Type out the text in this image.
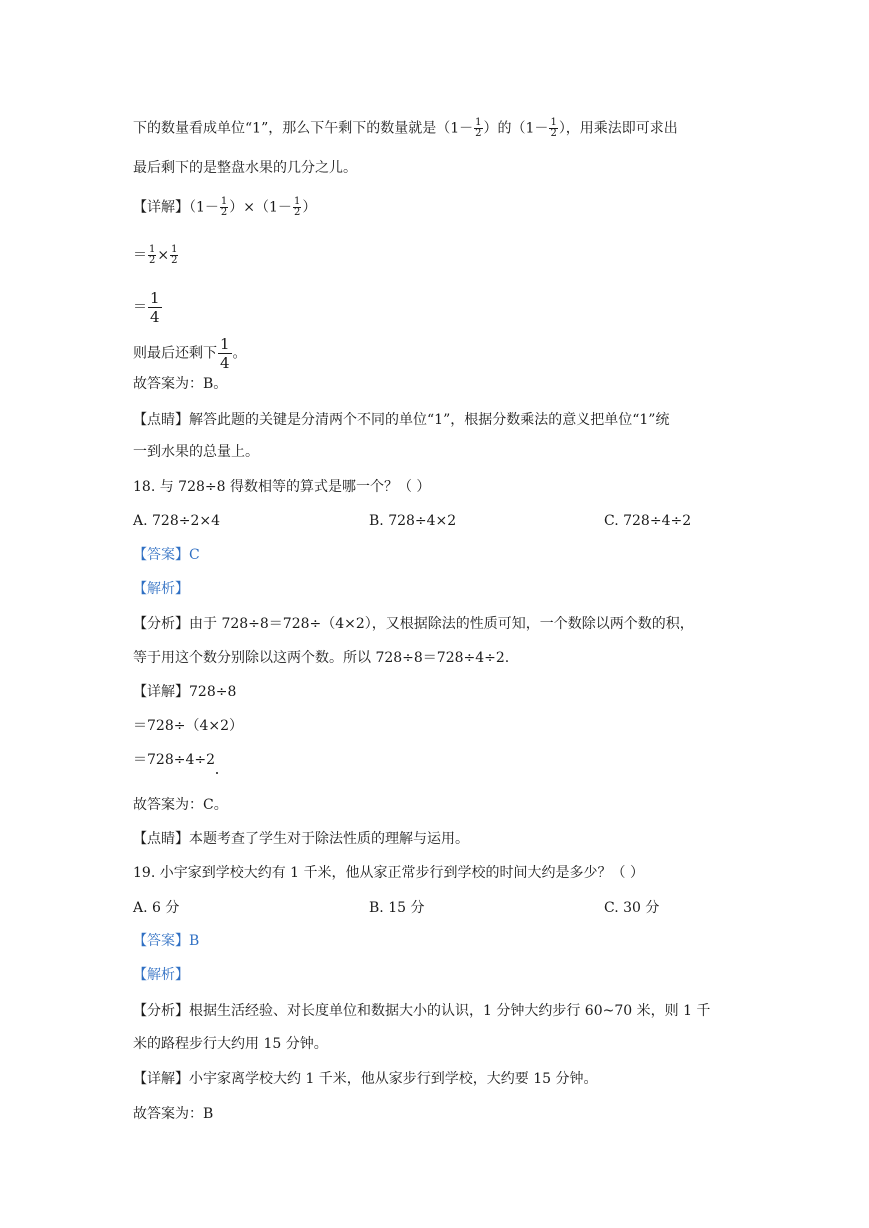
下的数量看成单位“1”，那么下午剩下的数量就是（$1- \frac{1}{2}$ ）的（$1- \frac{1}{2}$ ），用乘法即可求出
最后剩下的是整盘水果的几分之儿。
【详解】$(1- \frac{1}{2} )\times(1- \frac{1}{2}$ ）
＝ $\frac{1}{2} \times \frac{1}{2}$
＝ $\frac{1}{4}$
则最后还剩下 $\frac{1}{4}$ 。
故答案为：B。
【点睛】解答此题的关键是分清两个不同的单位“1”，根据分数乘法的意义把单位“1”统
一到水果的总量上。
18. 与 728÷8 得数相等的算式是哪一个？（ ）
A. 728÷2×4	B. 728÷4×2	C. 728÷4÷2
【答案】C
【解析】
【分析】由于 728÷8＝728÷（4×2），又根据除法的性质可知，一个数除以两个数的积，
等于用这个数分别除以这两个数。所以 728÷8＝728÷4÷2.
【详解】728÷8
＝728÷（4×2）
＝728÷4÷2
故答案为：C。
【点睛】本题考查了学生对于除法性质的理解与运用。
19. 小宇家到学校大约有 1 千米，他从家正常步行到学校的时间大约是多少？（ ）
A. 6 分	B. 15 分	C. 30 分
【答案】B
【解析】
【分析】根据生活经验、对长度单位和数据大小的认识，1 分钟大约步行 60~70 米，则 1 千
米的路程步行大约用 15 分钟。
【详解】小宇家离学校大约 1 千米，他从家步行到学校，大约要 15 分钟。
故答案为：B
